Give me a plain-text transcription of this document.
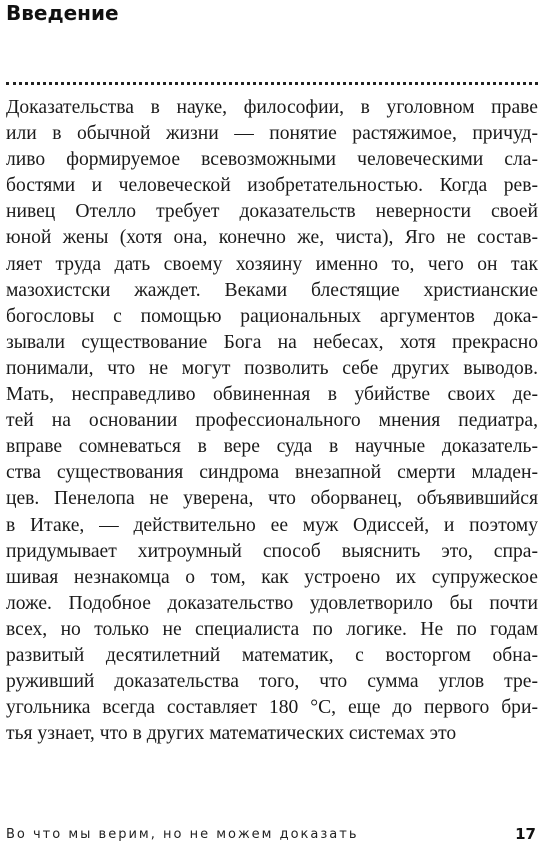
Введение
Доказательства в науке, философии, в уголовном праве
или в обычной жизни — понятие растяжимое, причуд-
ливо формируемое всевозможными человеческими сла-
бостями и человеческой изобретательностью. Когда рев-
нивец Отелло требует доказательств неверности своей
юной жены (хотя она, конечно же, чиста), Яго не состав-
ляет труда дать своему хозяину именно то, чего он так
мазохистски жаждет. Веками блестящие христианские
богословы с помощью рациональных аргументов дока-
зывали существование Бога на небесах, хотя прекрасно
понимали, что не могут позволить себе других выводов.
Мать, несправедливо обвиненная в убийстве своих де-
тей на основании профессионального мнения педиатра,
вправе сомневаться в вере суда в научные доказатель-
ства существования синдрома внезапной смерти младен-
цев. Пенелопа не уверена, что оборванец, объявившийся
в Итаке, — действительно ее муж Одиссей, и поэтому
придумывает хитроумный способ выяснить это, спра-
шивая незнакомца о том, как устроено их супружеское
ложе. Подобное доказательство удовлетворило бы почти
всех, но только не специалиста по логике. Не по годам
развитый десятилетний математик, с восторгом обна-
руживший доказательства того, что сумма углов тре-
угольника всегда составляет 180 °С, еще до первого бри-
тья узнает, что в других математических системах это
Во что мы верим, но не можем доказать	17
